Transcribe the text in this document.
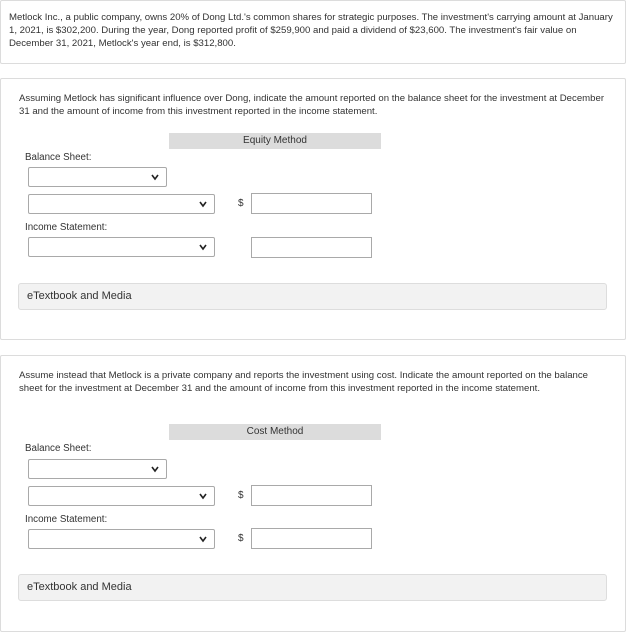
Metlock Inc., a public company, owns 20% of Dong Ltd.'s common shares for strategic purposes. The investment's carrying amount at January 1, 2021, is $302,200. During the year, Dong reported profit of $259,900 and paid a dividend of $23,600. The investment's fair value on December 31, 2021, Metlock's year end, is $312,800.

Assuming Metlock has significant influence over Dong, indicate the amount reported on the balance sheet for the investment at December 31 and the amount of income from this investment reported in the income statement.

Equity Method
Balance Sheet:
$
Income Statement:
eTextbook and Media

Assume instead that Metlock is a private company and reports the investment using cost. Indicate the amount reported on the balance sheet for the investment at December 31 and the amount of income from this investment reported in the income statement.

Cost Method
Balance Sheet:
$
Income Statement:
$
eTextbook and Media
